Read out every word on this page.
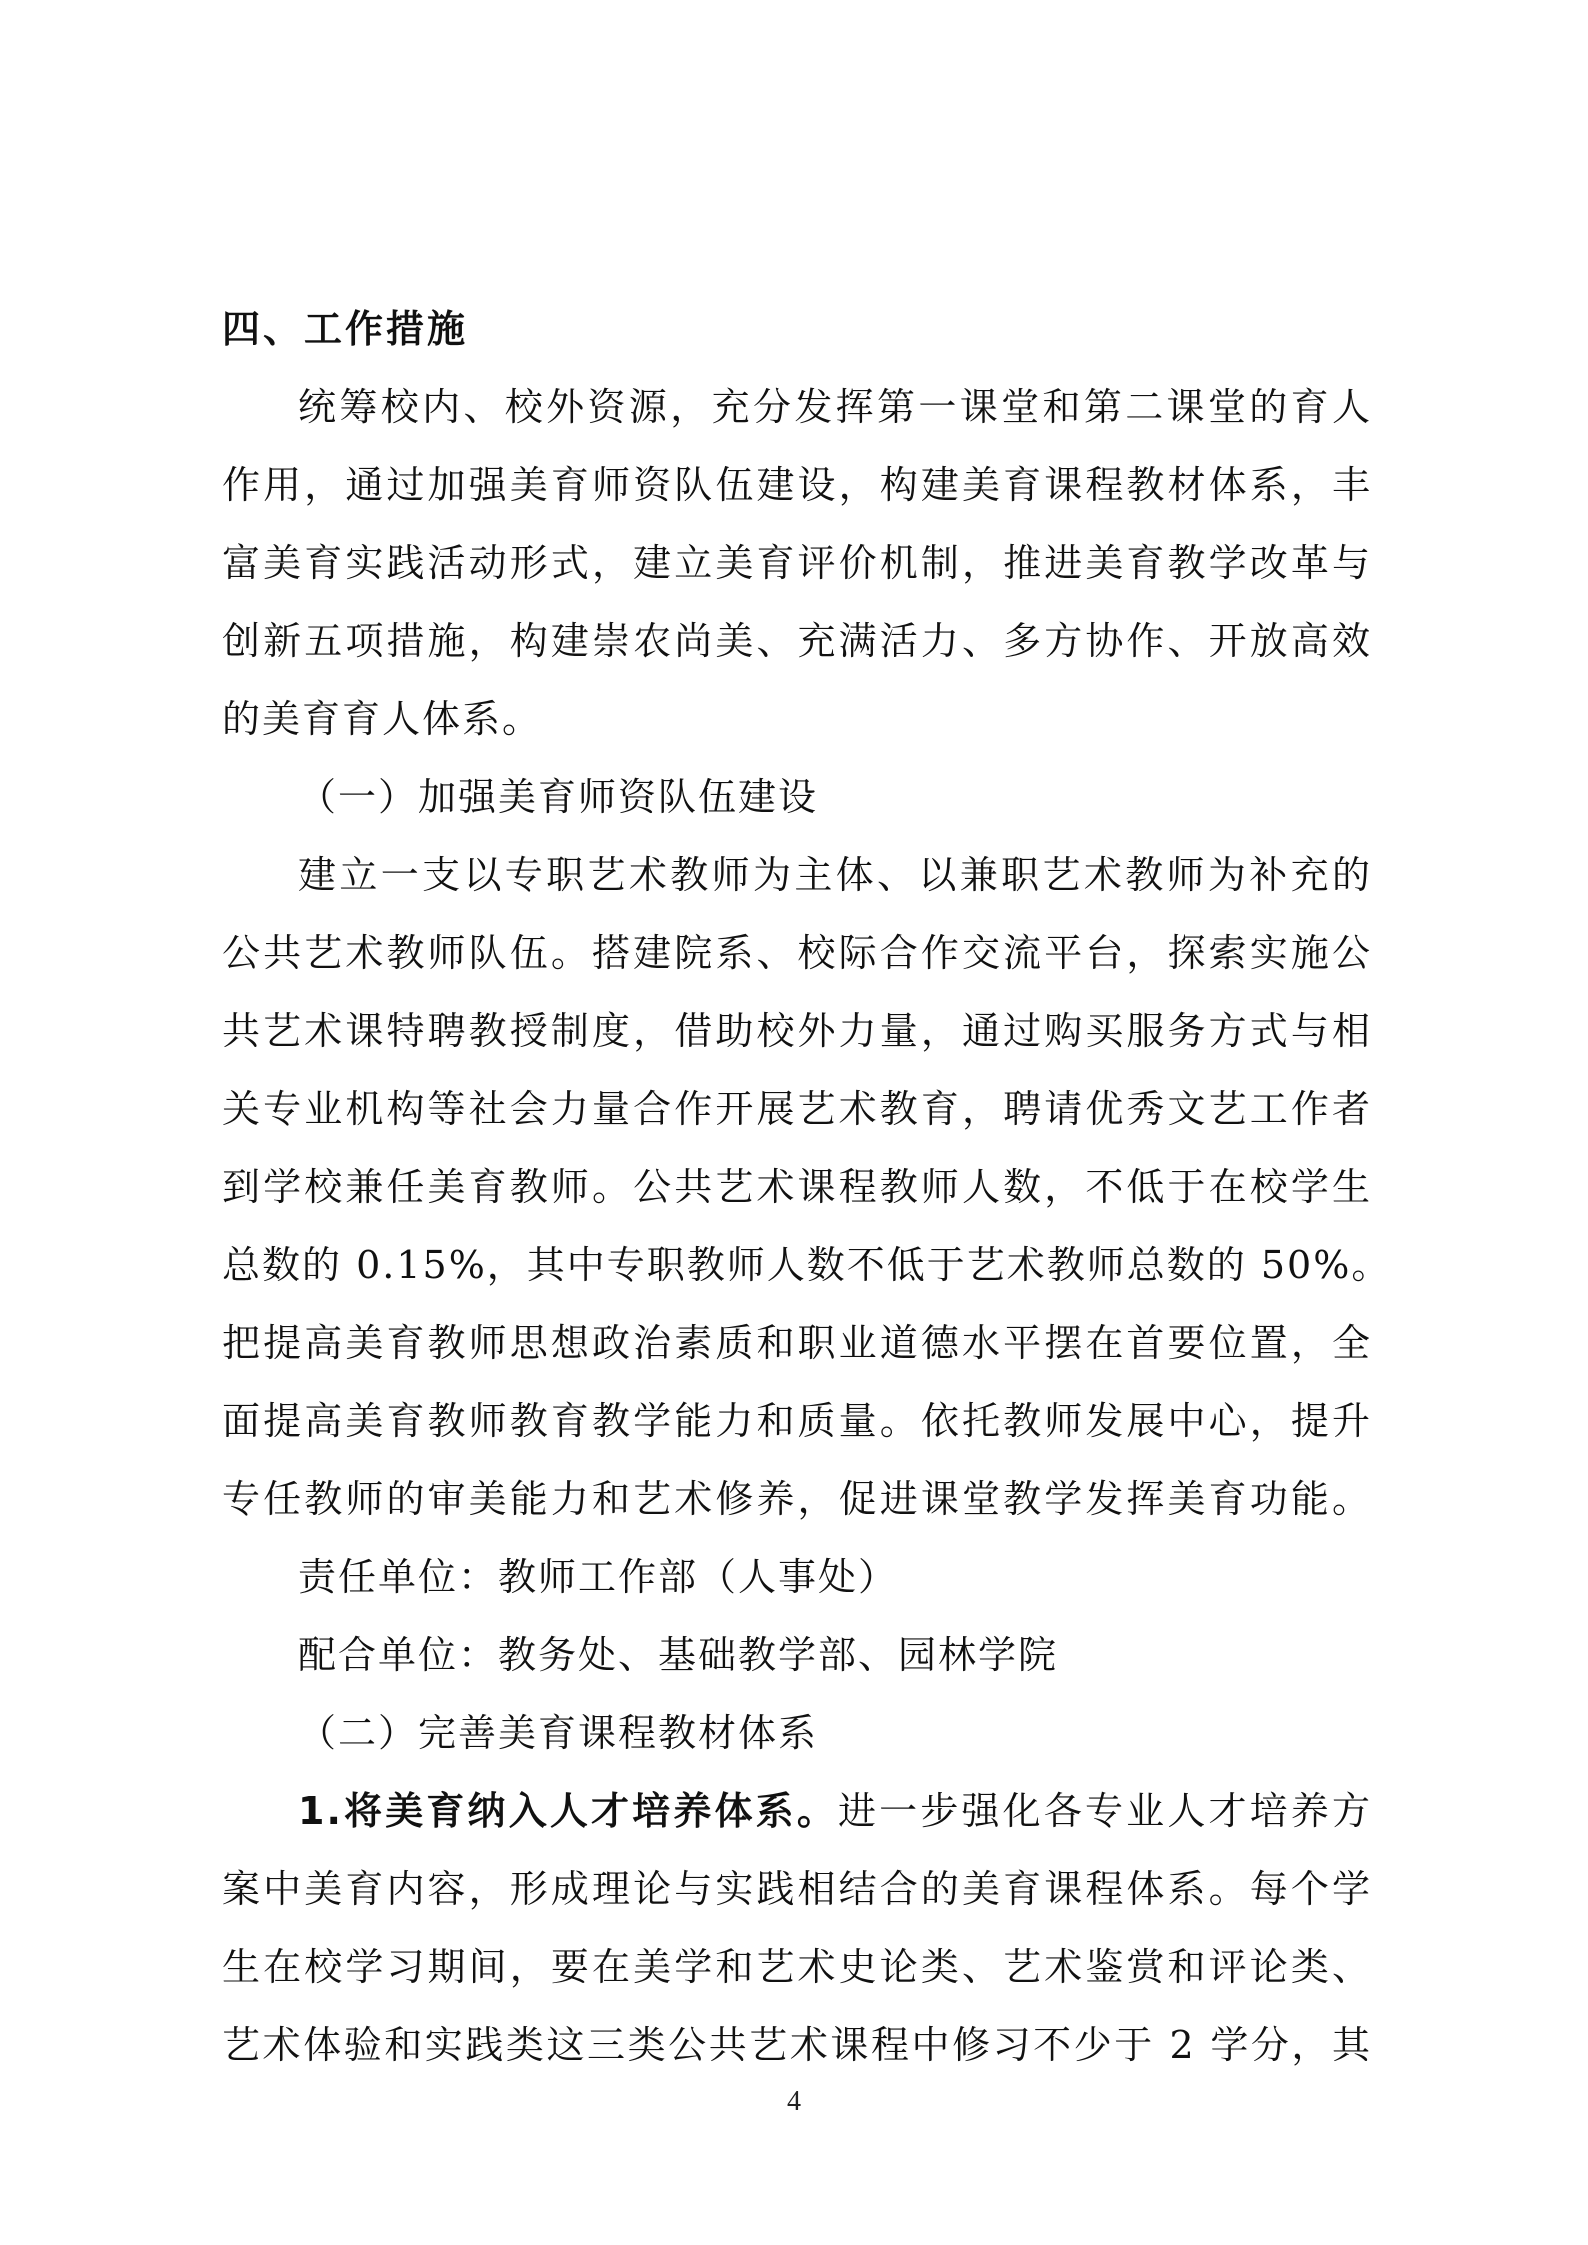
四、工作措施
统筹校内、校外资源，充分发挥第一课堂和第二课堂的育人
作用，通过加强美育师资队伍建设，构建美育课程教材体系，丰
富美育实践活动形式，建立美育评价机制，推进美育教学改革与
创新五项措施，构建崇农尚美、充满活力、多方协作、开放高效
的美育育人体系。
（一）加强美育师资队伍建设
建立一支以专职艺术教师为主体、以兼职艺术教师为补充的
公共艺术教师队伍。搭建院系、校际合作交流平台，探索实施公
共艺术课特聘教授制度，借助校外力量，通过购买服务方式与相
关专业机构等社会力量合作开展艺术教育，聘请优秀文艺工作者
到学校兼任美育教师。公共艺术课程教师人数，不低于在校学生
总数的 0.15%，其中专职教师人数不低于艺术教师总数的 50%。
把提高美育教师思想政治素质和职业道德水平摆在首要位置，全
面提高美育教师教育教学能力和质量。依托教师发展中心，提升
专任教师的审美能力和艺术修养，促进课堂教学发挥美育功能。
责任单位：教师工作部（人事处）
配合单位：教务处、基础教学部、园林学院
（二）完善美育课程教材体系
1.将美育纳入人才培养体系。进一步强化各专业人才培养方
案中美育内容，形成理论与实践相结合的美育课程体系。每个学
生在校学习期间，要在美学和艺术史论类、艺术鉴赏和评论类、
艺术体验和实践类这三类公共艺术课程中修习不少于 2 学分，其
4
